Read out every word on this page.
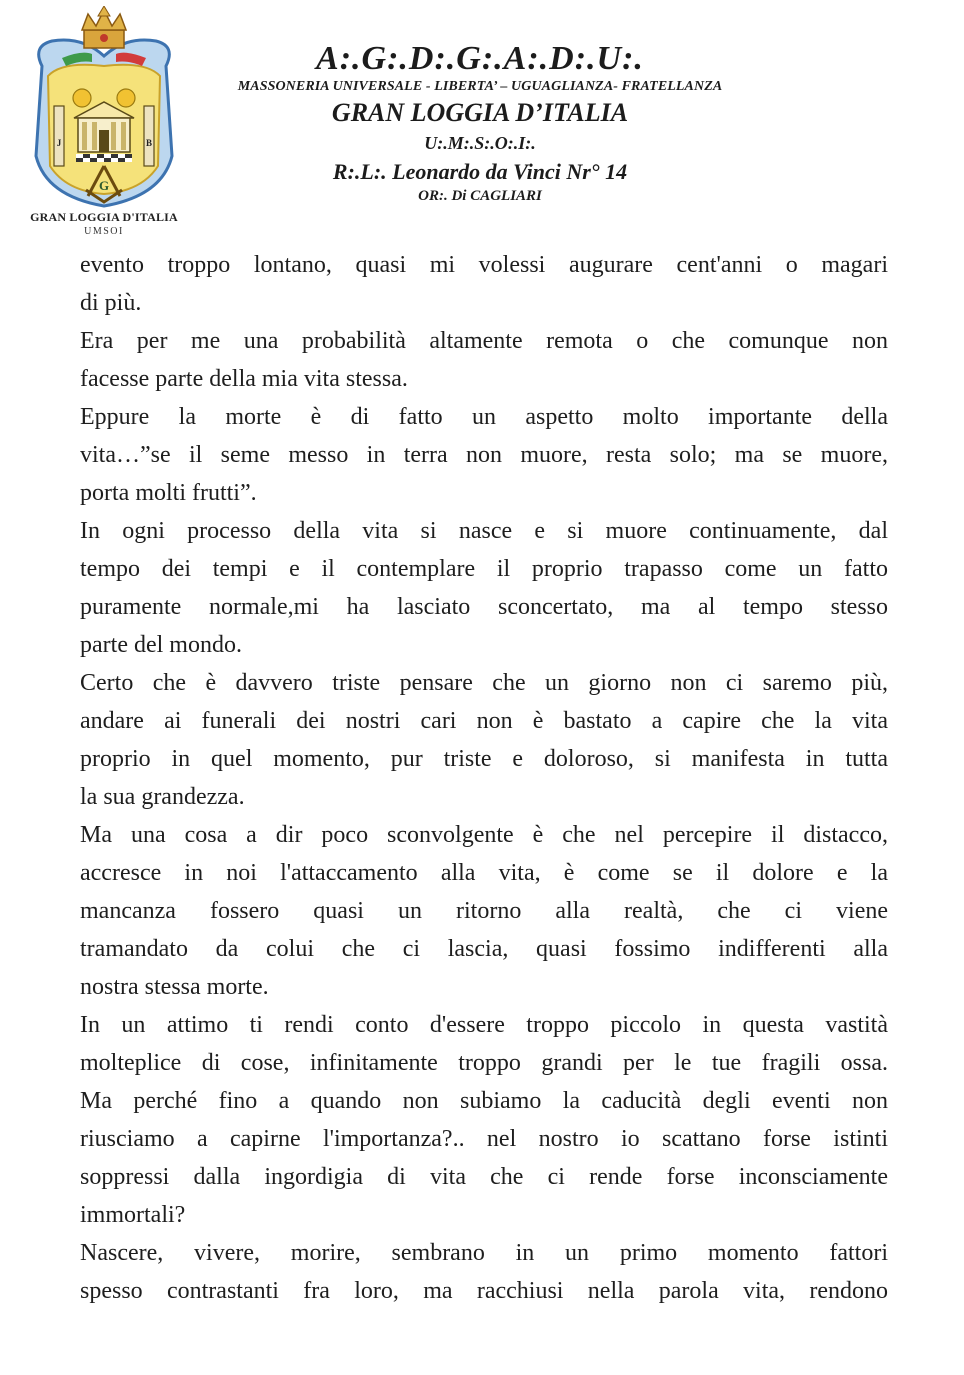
J	B
G
GRAN LOGGIA D'ITALIA
UMSOI
A:.G:.D:.G:.A:.D:.U:.
MASSONERIA UNIVERSALE - LIBERTA’ – UGUAGLIANZA- FRATELLANZA
GRAN LOGGIA D’ITALIA
U:.M:.S:.O:.I:.
R:.L:. Leonardo da Vinci Nr° 14
OR:. Di CAGLIARI
evento troppo lontano, quasi mi volessi augurare cent'anni o magari
di più.
Era per me una probabilità altamente remota o che comunque non
facesse parte della mia vita stessa.
Eppure la morte è di fatto un aspetto molto importante della
vita…”se il seme messo in terra non muore, resta solo; ma se muore,
porta molti frutti”.
In ogni processo della vita si nasce e si muore continuamente, dal
tempo dei tempi e il contemplare il proprio trapasso come un fatto
puramente normale,mi ha lasciato sconcertato, ma al tempo stesso
parte del mondo.
Certo che è davvero triste pensare che un giorno non ci saremo più,
andare ai funerali dei nostri cari non è bastato a capire che la vita
proprio in quel momento, pur triste e doloroso, si manifesta in tutta
la sua grandezza.
Ma una cosa a dir poco sconvolgente è che nel percepire il distacco,
accresce in noi l'attaccamento alla vita, è come se il dolore e la
mancanza fossero quasi un ritorno alla realtà, che ci viene
tramandato da colui che ci lascia, quasi fossimo indifferenti alla
nostra stessa morte.
In un attimo ti rendi conto d'essere troppo piccolo in questa vastità
molteplice di cose, infinitamente troppo grandi per le tue fragili ossa.
Ma perché fino a quando non subiamo la caducità degli eventi non
riusciamo a capirne l'importanza?.. nel nostro io scattano forse istinti
soppressi dalla ingordigia di vita che ci rende forse inconsciamente
immortali?
Nascere, vivere, morire, sembrano in un primo momento fattori
spesso contrastanti fra loro, ma racchiusi nella parola vita, rendono
